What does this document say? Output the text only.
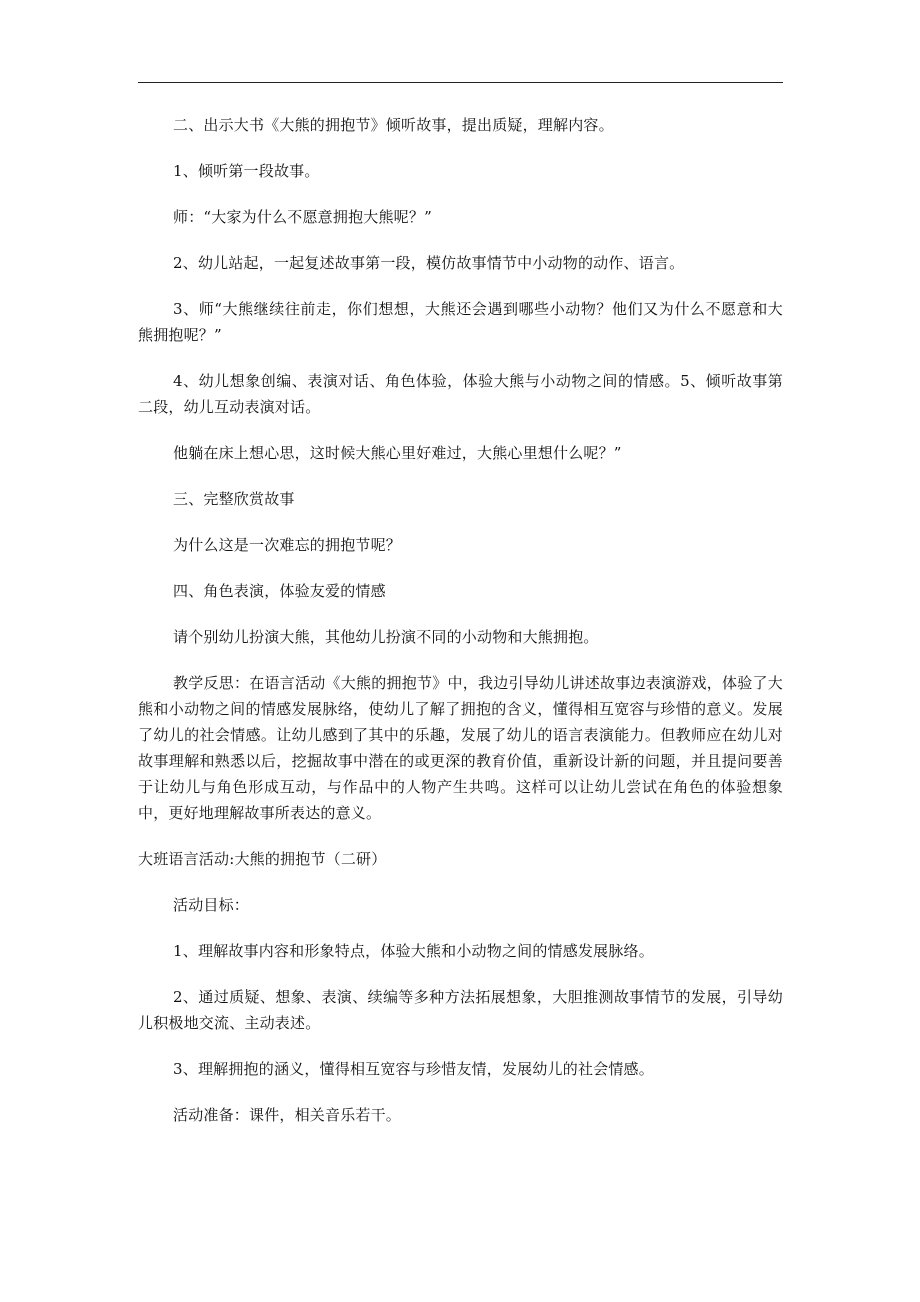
二、出示大书《大熊的拥抱节》倾听故事，提出质疑，理解内容。

1、倾听第一段故事。

师：“大家为什么不愿意拥抱大熊呢？”

2、幼儿站起，一起复述故事第一段，模仿故事情节中小动物的动作、语言。

3、师“大熊继续往前走，你们想想，大熊还会遇到哪些小动物？他们又为什么不愿意和大熊拥抱呢？”

4、幼儿想象创编、表演对话、角色体验，体验大熊与小动物之间的情感。5、倾听故事第二段，幼儿互动表演对话。

他躺在床上想心思，这时候大熊心里好难过，大熊心里想什么呢？”

三、完整欣赏故事

为什么这是一次难忘的拥抱节呢？

四、角色表演，体验友爱的情感

请个别幼儿扮演大熊，其他幼儿扮演不同的小动物和大熊拥抱。

教学反思：在语言活动《大熊的拥抱节》中，我边引导幼儿讲述故事边表演游戏，体验了大熊和小动物之间的情感发展脉络，使幼儿了解了拥抱的含义，懂得相互宽容与珍惜的意义。发展了幼儿的社会情感。让幼儿感到了其中的乐趣，发展了幼儿的语言表演能力。但教师应在幼儿对故事理解和熟悉以后，挖掘故事中潜在的或更深的教育价值，重新设计新的问题，并且提问要善于让幼儿与角色形成互动，与作品中的人物产生共鸣。这样可以让幼儿尝试在角色的体验想象中，更好地理解故事所表达的意义。

大班语言活动:大熊的拥抱节（二研）

活动目标：

1、理解故事内容和形象特点，体验大熊和小动物之间的情感发展脉络。

2、通过质疑、想象、表演、续编等多种方法拓展想象，大胆推测故事情节的发展，引导幼儿积极地交流、主动表述。

3、理解拥抱的涵义，懂得相互宽容与珍惜友情，发展幼儿的社会情感。

活动准备：课件，相关音乐若干。
